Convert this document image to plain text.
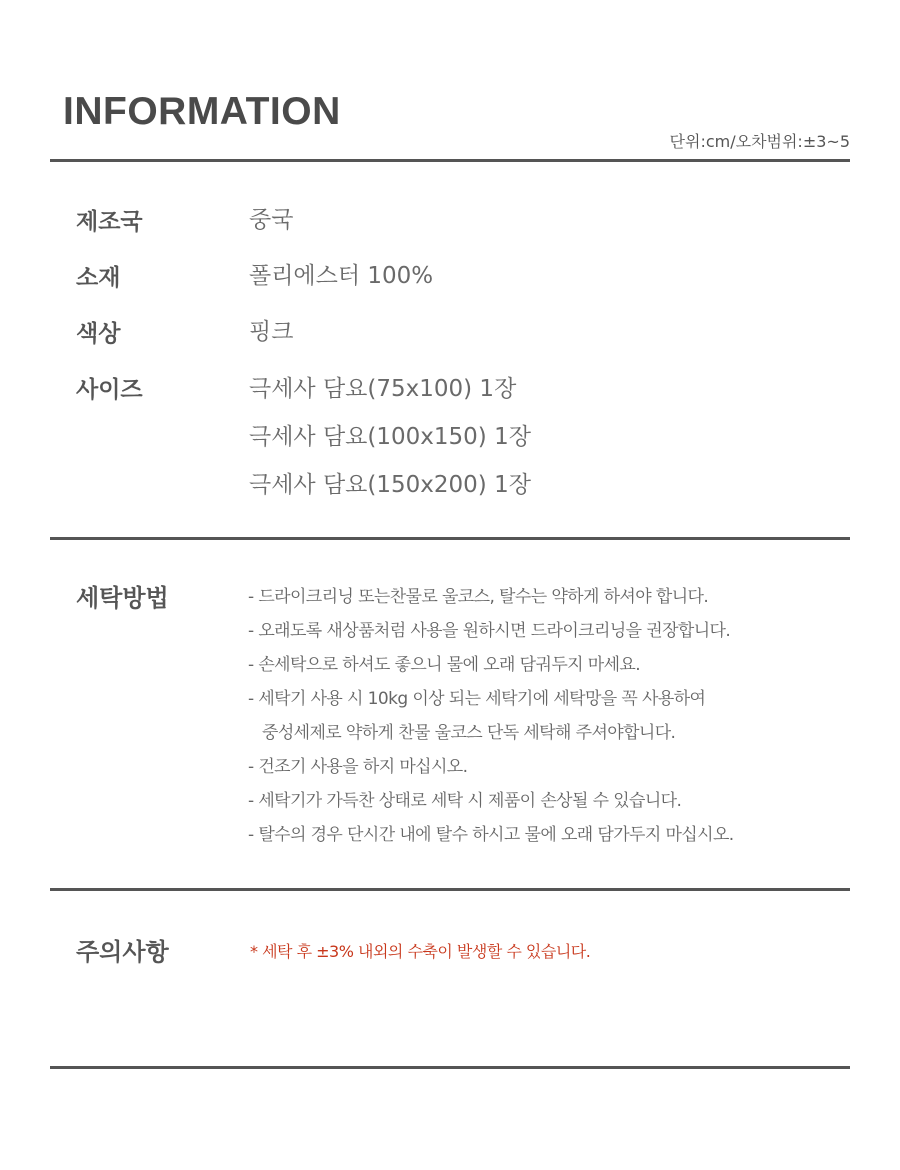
INFORMATION
단위:cm/오차범위:±3~5
제조국	중국
소재	폴리에스터 100%
색상	핑크
사이즈	극세사 담요(75x100) 1장
극세사 담요(100x150) 1장
극세사 담요(150x200) 1장
세탁방법	- 드라이크리닝 또는찬물로 울코스, 탈수는 약하게 하셔야 합니다.
- 오래도록 새상품처럼 사용을 원하시면 드라이크리닝을 권장합니다.
- 손세탁으로 하셔도 좋으니 물에 오래 담궈두지 마세요.
- 세탁기 사용 시 10kg 이상 되는 세탁기에 세탁망을 꼭 사용하여
중성세제로 약하게 찬물 울코스 단독 세탁해 주셔야합니다.
- 건조기 사용을 하지 마십시오.
- 세탁기가 가득찬 상태로 세탁 시 제품이 손상될 수 있습니다.
- 탈수의 경우 단시간 내에 탈수 하시고 물에 오래 담가두지 마십시오.
주의사항	* 세탁 후 ±3% 내외의 수축이 발생할 수 있습니다.
